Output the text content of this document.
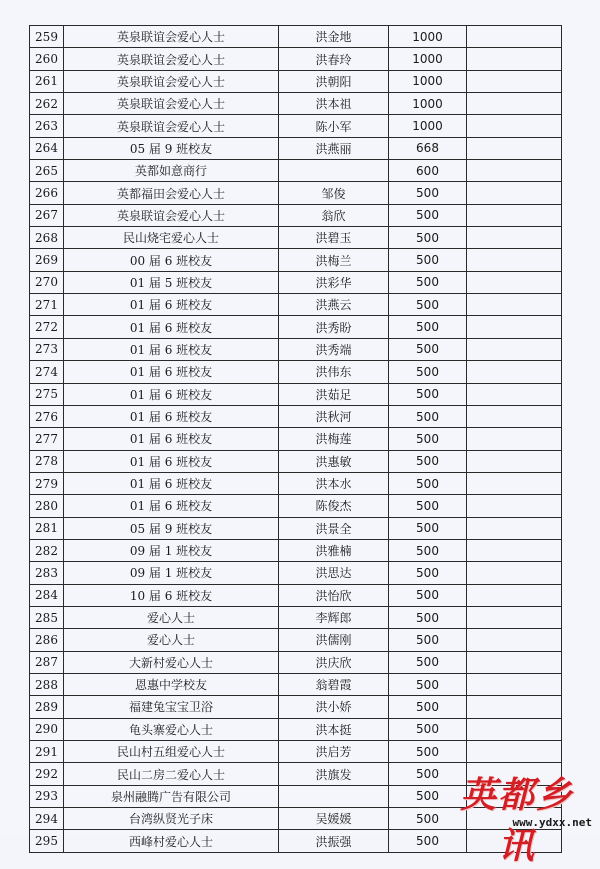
259	英泉联谊会爱心人士	洪金地	1000	
260	英泉联谊会爱心人士	洪春玲	1000	
261	英泉联谊会爱心人士	洪朝阳	1000	
262	英泉联谊会爱心人士	洪本祖	1000	
263	英泉联谊会爱心人士	陈小军	1000	
264	05 届 9 班校友	洪燕丽	668	
265	英都如意商行		600	
266	英都福田会爱心人士	邹俊	500	
267	英泉联谊会爱心人士	翁欣	500	
268	民山烧宅爱心人士	洪碧玉	500	
269	00 届 6 班校友	洪梅兰	500	
270	01 届 5 班校友	洪彩华	500	
271	01 届 6 班校友	洪燕云	500	
272	01 届 6 班校友	洪秀盼	500	
273	01 届 6 班校友	洪秀端	500	
274	01 届 6 班校友	洪伟东	500	
275	01 届 6 班校友	洪茹足	500	
276	01 届 6 班校友	洪秋河	500	
277	01 届 6 班校友	洪梅莲	500	
278	01 届 6 班校友	洪惠敏	500	
279	01 届 6 班校友	洪本水	500	
280	01 届 6 班校友	陈俊杰	500	
281	05 届 9 班校友	洪景全	500	
282	09 届 1 班校友	洪雅楠	500	
283	09 届 1 班校友	洪思达	500	
284	10 届 6 班校友	洪怡欣	500	
285	爱心人士	李辉郎	500	
286	爱心人士	洪儒刚	500	
287	大新村爱心人士	洪庆欣	500	
288	恩惠中学校友	翁碧霞	500	
289	福建兔宝宝卫浴	洪小娇	500	
290	龟头寨爱心人士	洪本挺	500	
291	民山村五组爱心人士	洪启芳	500	
292	民山二房二爱心人士	洪旗发	500	
293	泉州融腾广告有限公司		500	
294	台湾纵贤光子床	吴媛媛	500	
295	西峰村爱心人士	洪振强	500	
英都乡讯
www.ydxx.net
